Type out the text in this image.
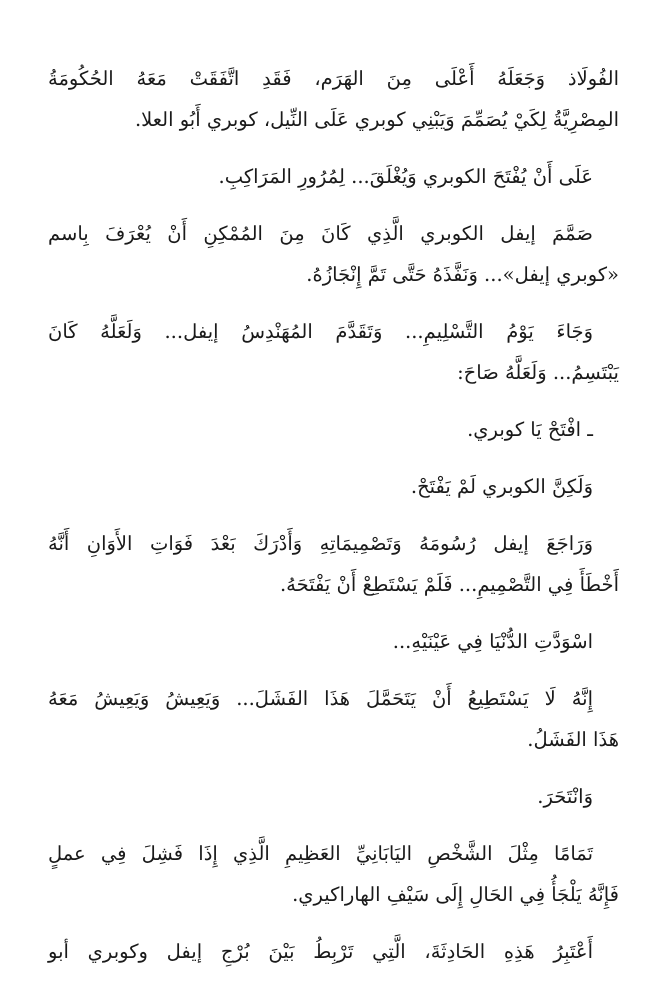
الفُولَاذ وَجَعَلَهُ أَعْلَى مِنَ الهَرَم، فَقَدِ اتَّفَقَتْ مَعَهُ الحُكُومَةُ
المِصْرِيَّةُ لِكَيْ يُصَمِّمَ وَيَبْنِي كوبري عَلَى النِّيل، كوبري أَبُو العلا.

عَلَى أَنْ يُفْتَحَ الكوبري وَيُغْلَقَ... لِمُرُورِ المَرَاكِبِ.

صَمَّمَ إيفل الكوبري الَّذِي كَانَ مِنَ المُمْكِنِ أَنْ يُعْرَفَ بِاسم
«كوبري إيفل»... وَنَفَّذَهُ حَتَّى تَمَّ إِنْجَازُهُ.

وَجَاءَ يَوْمُ التَّسْلِيمِ... وَتَقَدَّمَ المُهَنْدِسُ إيفل... وَلَعَلَّهُ كَانَ
يَبْتَسِمُ... وَلَعَلَّهُ صَاحَ:

ـ افْتَحْ يَا كوبري.

وَلَكِنَّ الكوبري لَمْ يَفْتَحْ.

وَرَاجَعَ إيفل رُسُومَهُ وَتَصْمِيمَاتِهِ وَأَدْرَكَ بَعْدَ فَوَاتِ الأَوَانِ أَنَّهُ
أَخْطَأَ فِي التَّصْمِيمِ... فَلَمْ يَسْتَطِعْ أَنْ يَفْتَحَهُ.

اسْوَدَّتِ الدُّنْيَا فِي عَيْنَيْهِ...

إِنَّهُ لَا يَسْتَطِيعُ أَنْ يَتَحَمَّلَ هَذَا الفَشَلَ... وَيَعِيشُ وَيَعِيشُ مَعَهُ
هَذَا الفَشَلُ.

وَانْتَحَرَ.

تَمَامًا مِثْلَ الشَّخْصِ اليَابَانِيِّ العَظِيمِ الَّذِي إِذَا فَشِلَ فِي عملٍ
فَإِنَّهُ يَلْجَأُ فِي الحَالِ إِلَى سَيْفِ الهاراكيري.

أَعْتَبِرُ هَذِهِ الحَادِثَةَ، الَّتِي تَرْبِطُ بَيْنَ بُرْجِ إيفل وكوبري أبو
